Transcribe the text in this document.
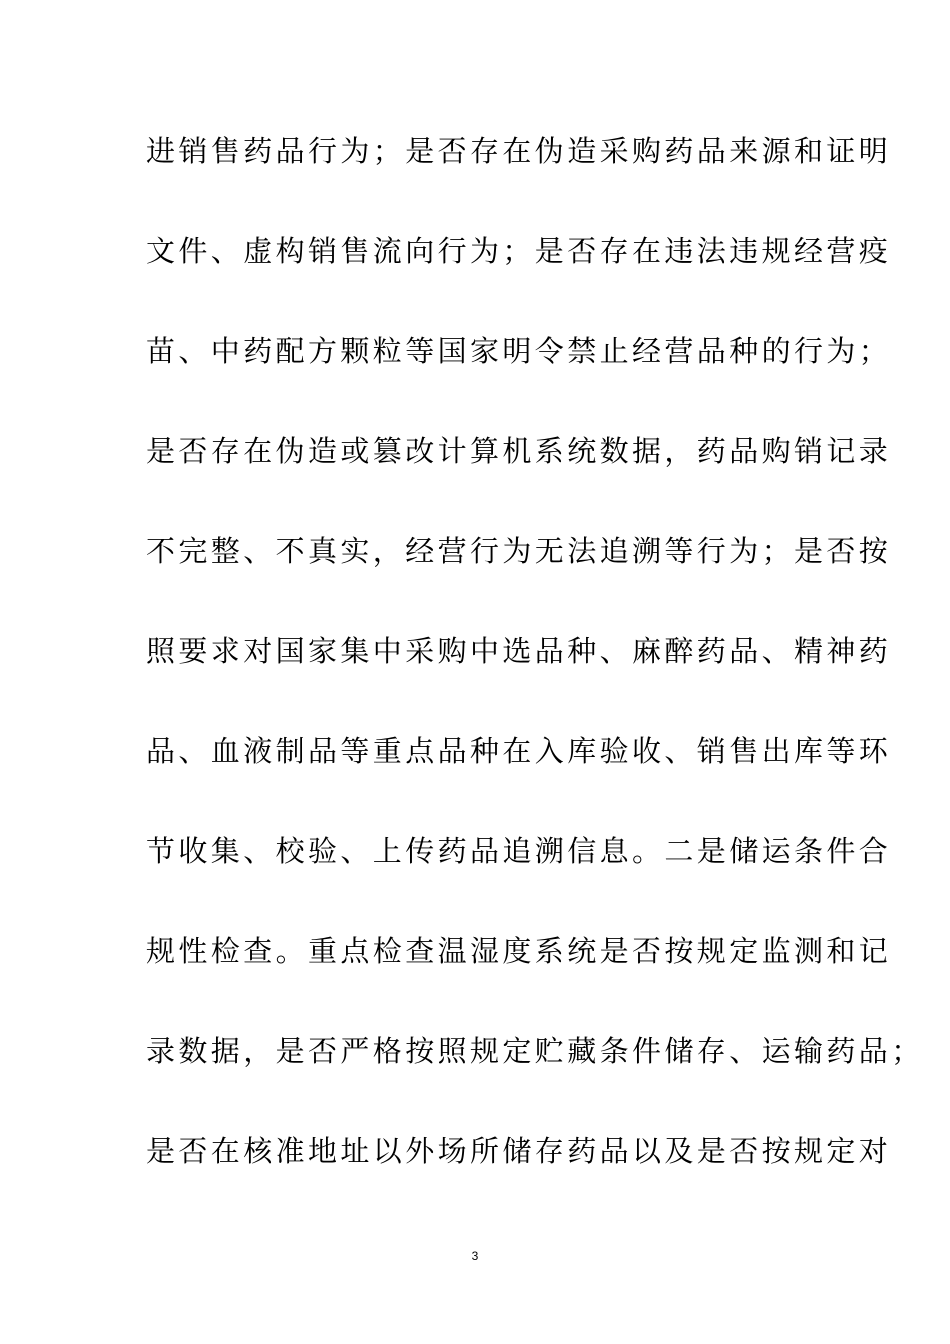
进销售药品行为；是否存在伪造采购药品来源和证明
文件、虚构销售流向行为；是否存在违法违规经营疫
苗、中药配方颗粒等国家明令禁止经营品种的行为；
是否存在伪造或篡改计算机系统数据，药品购销记录
不完整、不真实，经营行为无法追溯等行为；是否按
照要求对国家集中采购中选品种、麻醉药品、精神药
品、血液制品等重点品种在入库验收、销售出库等环
节收集、校验、上传药品追溯信息。二是储运条件合
规性检查。重点检查温湿度系统是否按规定监测和记
录数据，是否严格按照规定贮藏条件储存、运输药品；
是否在核准地址以外场所储存药品以及是否按规定对
3
